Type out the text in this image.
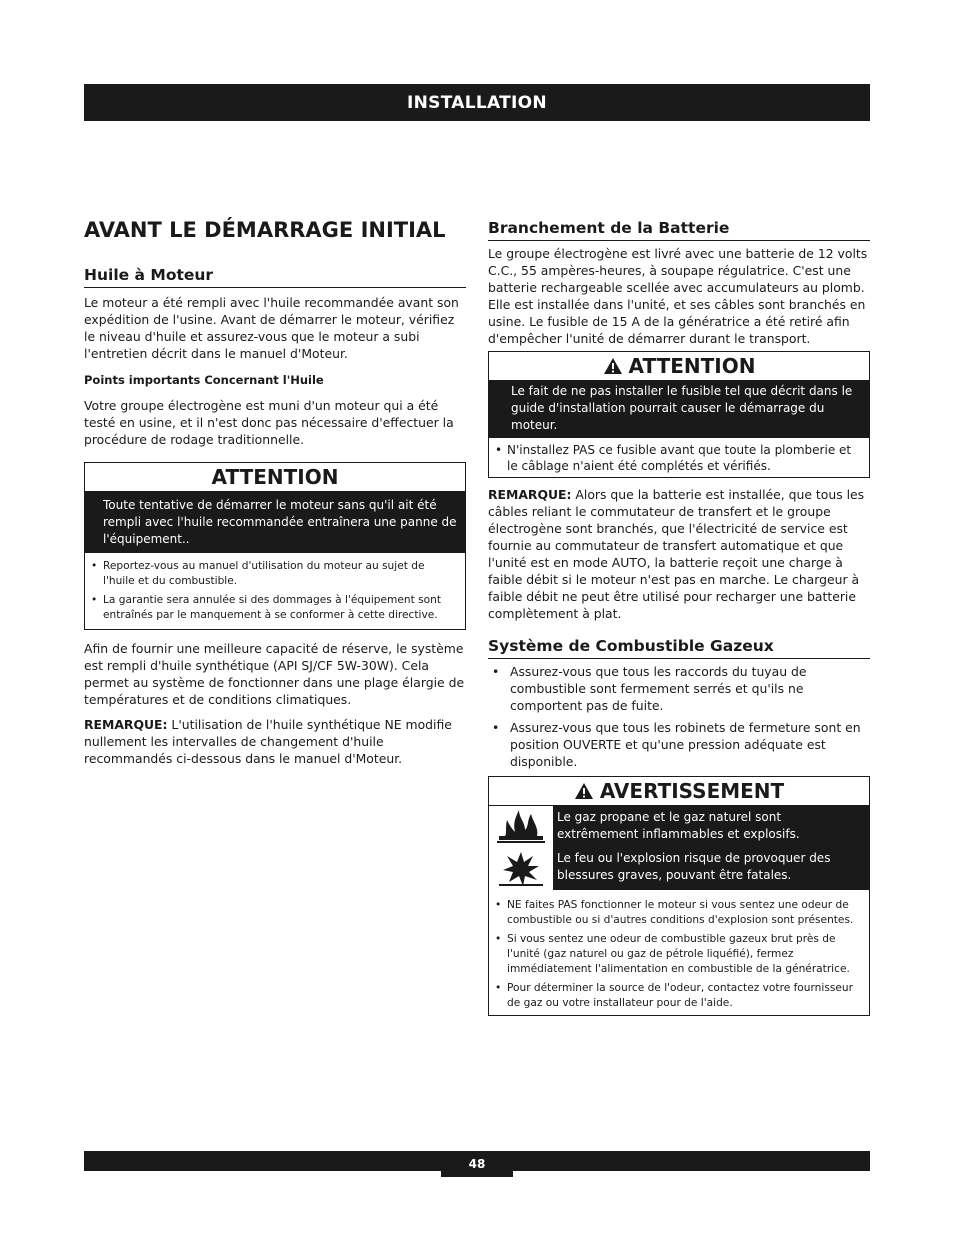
INSTALLATION
AVANT LE DÉMARRAGE INITIAL
Huile à Moteur

Le moteur a été rempli avec l'huile recommandée avant son expédition de l'usine. Avant de démarrer le moteur, vérifiez le niveau d'huile et assurez-vous que le moteur a subi l'entretien décrit dans le manuel d'Moteur.

Points importants Concernant l'Huile

Votre groupe électrogène est muni d'un moteur qui a été testé en usine, et il n'est donc pas nécessaire d'effectuer la procédure de rodage traditionnelle.

ATTENTION
Toute tentative de démarrer le moteur sans qu'il ait été rempli avec l'huile recommandée entraînera une panne de l'équipement..
• Reportez-vous au manuel d'utilisation du moteur au sujet de l'huile et du combustible.
• La garantie sera annulée si des dommages à l'équipement sont entraînés par le manquement à se conformer à cette directive.

Afin de fournir une meilleure capacité de réserve, le système est rempli d'huile synthétique (API SJ/CF 5W-30W). Cela permet au système de fonctionner dans une plage élargie de températures et de conditions climatiques.

REMARQUE: L'utilisation de l'huile synthétique NE modifie nullement les intervalles de changement d'huile recommandés ci-dessous dans le manuel d'Moteur.

Branchement de la Batterie

Le groupe électrogène est livré avec une batterie de 12 volts C.C., 55 ampères-heures, à soupape régulatrice. C'est une batterie rechargeable scellée avec accumulateurs au plomb. Elle est installée dans l'unité, et ses câbles sont branchés en usine. Le fusible de 15 A de la génératrice a été retiré afin d'empêcher l'unité de démarrer durant le transport.

ATTENTION
Le fait de ne pas installer le fusible tel que décrit dans le guide d'installation pourrait causer le démarrage du moteur.
• N'installez PAS ce fusible avant que toute la plomberie et le câblage n'aient été complétés et vérifiés.

REMARQUE: Alors que la batterie est installée, que tous les câbles reliant le commutateur de transfert et le groupe électrogène sont branchés, que l'électricité de service est fournie au commutateur de transfert automatique et que l'unité est en mode AUTO, la batterie reçoit une charge à faible débit si le moteur n'est pas en marche. Le chargeur à faible débit ne peut être utilisé pour recharger une batterie complètement à plat.

Système de Combustible Gazeux
• Assurez-vous que tous les raccords du tuyau de combustible sont fermement serrés et qu'ils ne comportent pas de fuite.
• Assurez-vous que tous les robinets de fermeture sont en position OUVERTE et qu'une pression adéquate est disponible.
AVERTISSEMENT
Le gaz propane et le gaz naturel sont extrêmement inflammables et explosifs.
Le feu ou l'explosion risque de provoquer des blessures graves, pouvant être fatales.
• NE faites PAS fonctionner le moteur si vous sentez une odeur de combustible ou si d'autres conditions d'explosion sont présentes.
• Si vous sentez une odeur de combustible gazeux brut près de l'unité (gaz naturel ou gaz de pétrole liquéfié), fermez immédiatement l'alimentation en combustible de la génératrice.
• Pour déterminer la source de l'odeur, contactez votre fournisseur de gaz ou votre installateur pour de l'aide.
48
